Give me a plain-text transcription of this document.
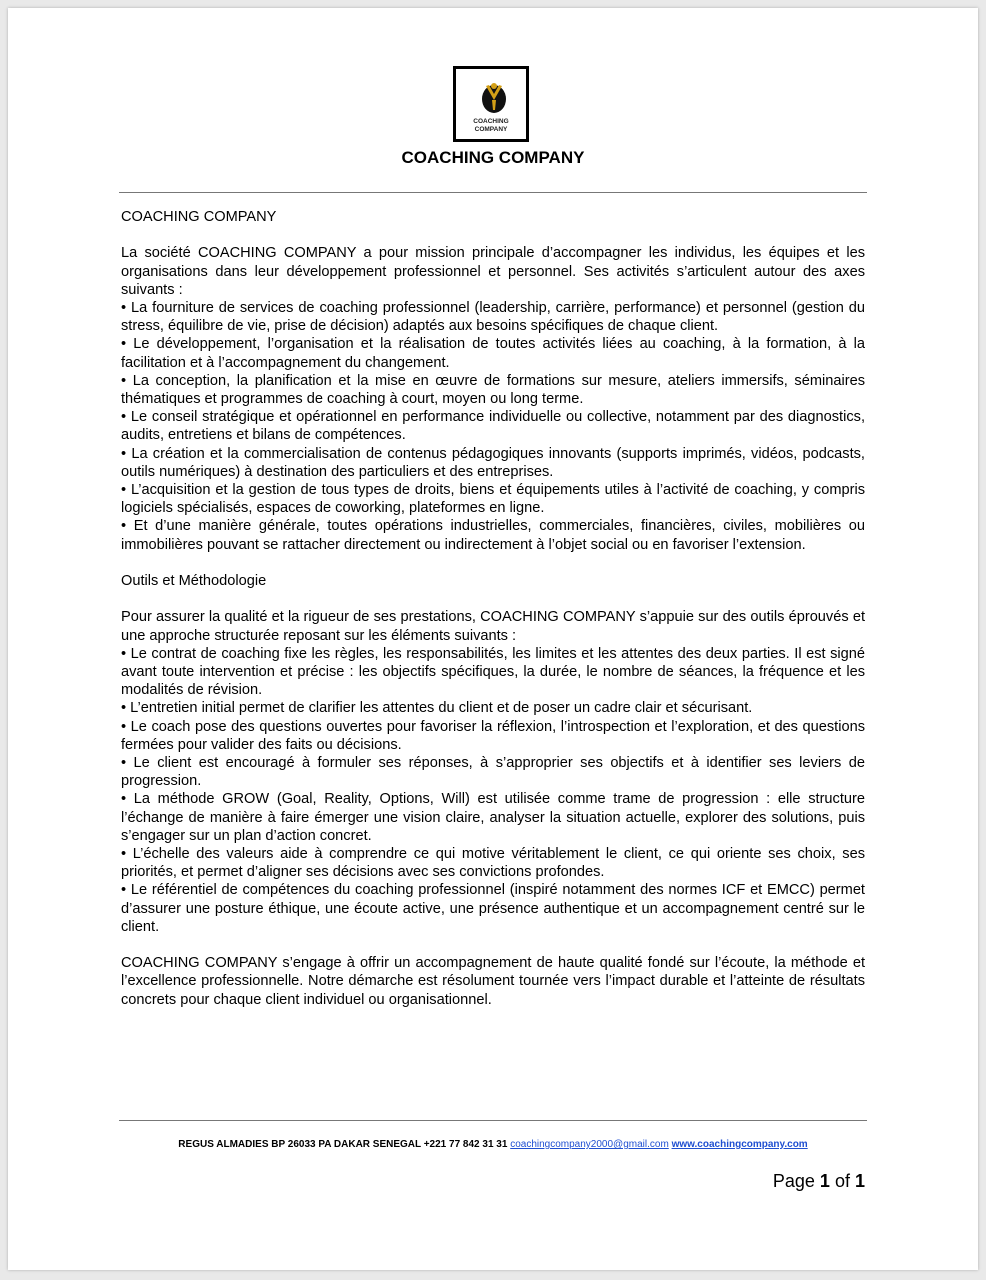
COACHING
COMPANY
COACHING COMPANY

COACHING COMPANY

La société COACHING COMPANY a pour mission principale d’accompagner les individus, les équipes et les organisations dans leur développement professionnel et personnel. Ses activités s’articulent autour des axes suivants :

• La fourniture de services de coaching professionnel (leadership, carrière, performance) et personnel (gestion du stress, équilibre de vie, prise de décision) adaptés aux besoins spécifiques de chaque client.

• Le développement, l’organisation et la réalisation de toutes activités liées au coaching, à la formation, à la facilitation et à l’accompagnement du changement.

• La conception, la planification et la mise en œuvre de formations sur mesure, ateliers immersifs, séminaires thématiques et programmes de coaching à court, moyen ou long terme.

• Le conseil stratégique et opérationnel en performance individuelle ou collective, notamment par des diagnostics, audits, entretiens et bilans de compétences.

• La création et la commercialisation de contenus pédagogiques innovants (supports imprimés, vidéos, podcasts, outils numériques) à destination des particuliers et des entreprises.

• L’acquisition et la gestion de tous types de droits, biens et équipements utiles à l’activité de coaching, y compris logiciels spécialisés, espaces de coworking, plateformes en ligne.

• Et d’une manière générale, toutes opérations industrielles, commerciales, financières, civiles, mobilières ou immobilières pouvant se rattacher directement ou indirectement à l’objet social ou en favoriser l’extension.

Outils et Méthodologie

Pour assurer la qualité et la rigueur de ses prestations, COACHING COMPANY s’appuie sur des outils éprouvés et une approche structurée reposant sur les éléments suivants :

• Le contrat de coaching fixe les règles, les responsabilités, les limites et les attentes des deux parties. Il est signé avant toute intervention et précise : les objectifs spécifiques, la durée, le nombre de séances, la fréquence et les modalités de révision.

• L’entretien initial permet de clarifier les attentes du client et de poser un cadre clair et sécurisant.

• Le coach pose des questions ouvertes pour favoriser la réflexion, l’introspection et l’exploration, et des questions fermées pour valider des faits ou décisions.

• Le client est encouragé à formuler ses réponses, à s’approprier ses objectifs et à identifier ses leviers de progression.

• La méthode GROW (Goal, Reality, Options, Will) est utilisée comme trame de progression : elle structure l’échange de manière à faire émerger une vision claire, analyser la situation actuelle, explorer des solutions, puis s’engager sur un plan d’action concret.

• L’échelle des valeurs aide à comprendre ce qui motive véritablement le client, ce qui oriente ses choix, ses priorités, et permet d’aligner ses décisions avec ses convictions profondes.

• Le référentiel de compétences du coaching professionnel (inspiré notamment des normes ICF et EMCC) permet d’assurer une posture éthique, une écoute active, une présence authentique et un accompagnement centré sur le client.

COACHING COMPANY s’engage à offrir un accompagnement de haute qualité fondé sur l’écoute, la méthode et l’excellence professionnelle. Notre démarche est résolument tournée vers l’impact durable et l’atteinte de résultats concrets pour chaque client individuel ou organisationnel.

REGUS ALMADIES BP 26033 PA DAKAR SENEGAL +221 77 842 31 31 coachingcompany2000@gmail.com www.coachingcompany.com
Page 1 of 1
